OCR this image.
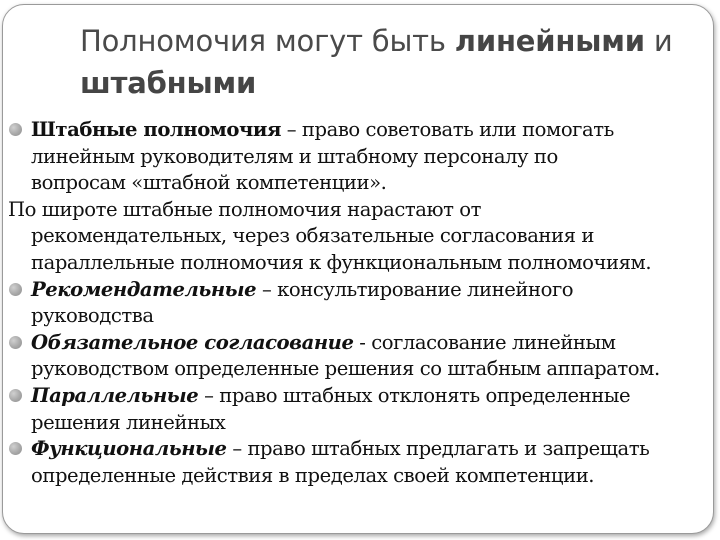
Полномочия могут быть линейными и
штабными

Штабные полномочия – право советовать или помогать
линейным руководителям и штабному персоналу по
вопросам «штабной компетенции».

По широте штабные полномочия нарастают от
рекомендательных, через обязательные согласования и
параллельные полномочия к функциональным полномочиям.

Рекомендательные – консультирование линейного
руководства

Обязательное согласование - согласование линейным
руководством определенные решения со штабным аппаратом.

Параллельные – право штабных отклонять определенные
решения линейных

Функциональные – право штабных предлагать и запрещать
определенные действия в пределах своей компетенции.
